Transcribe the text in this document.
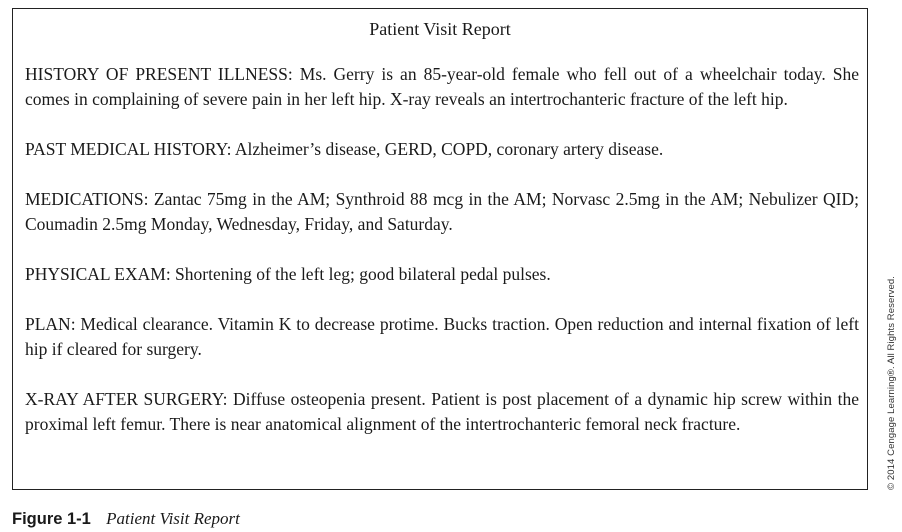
Patient Visit Report

HISTORY OF PRESENT ILLNESS: Ms. Gerry is an 85-year-old female who fell out of a wheelchair today. She comes in complaining of severe pain in her left hip. X-ray reveals an intertrochanteric fracture of the left hip.

PAST MEDICAL HISTORY: Alzheimer’s disease, GERD, COPD, coronary artery disease.

MEDICATIONS: Zantac 75mg in the AM; Synthroid 88 mcg in the AM; Norvasc 2.5mg in the AM; Nebulizer QID; Coumadin 2.5mg Monday, Wednesday, Friday, and Saturday.

PHYSICAL EXAM: Shortening of the left leg; good bilateral pedal pulses.

PLAN: Medical clearance. Vitamin K to decrease protime. Bucks traction. Open reduction and internal fixation of left hip if cleared for surgery.

X-RAY AFTER SURGERY: Diffuse osteopenia present. Patient is post placement of a dynamic hip screw within the proximal left femur. There is near anatomical alignment of the intertrochanteric femoral neck fracture.	© 2014 Cengage Learning®. All Rights Reserved.
Figure 1-1 Patient Visit Report
